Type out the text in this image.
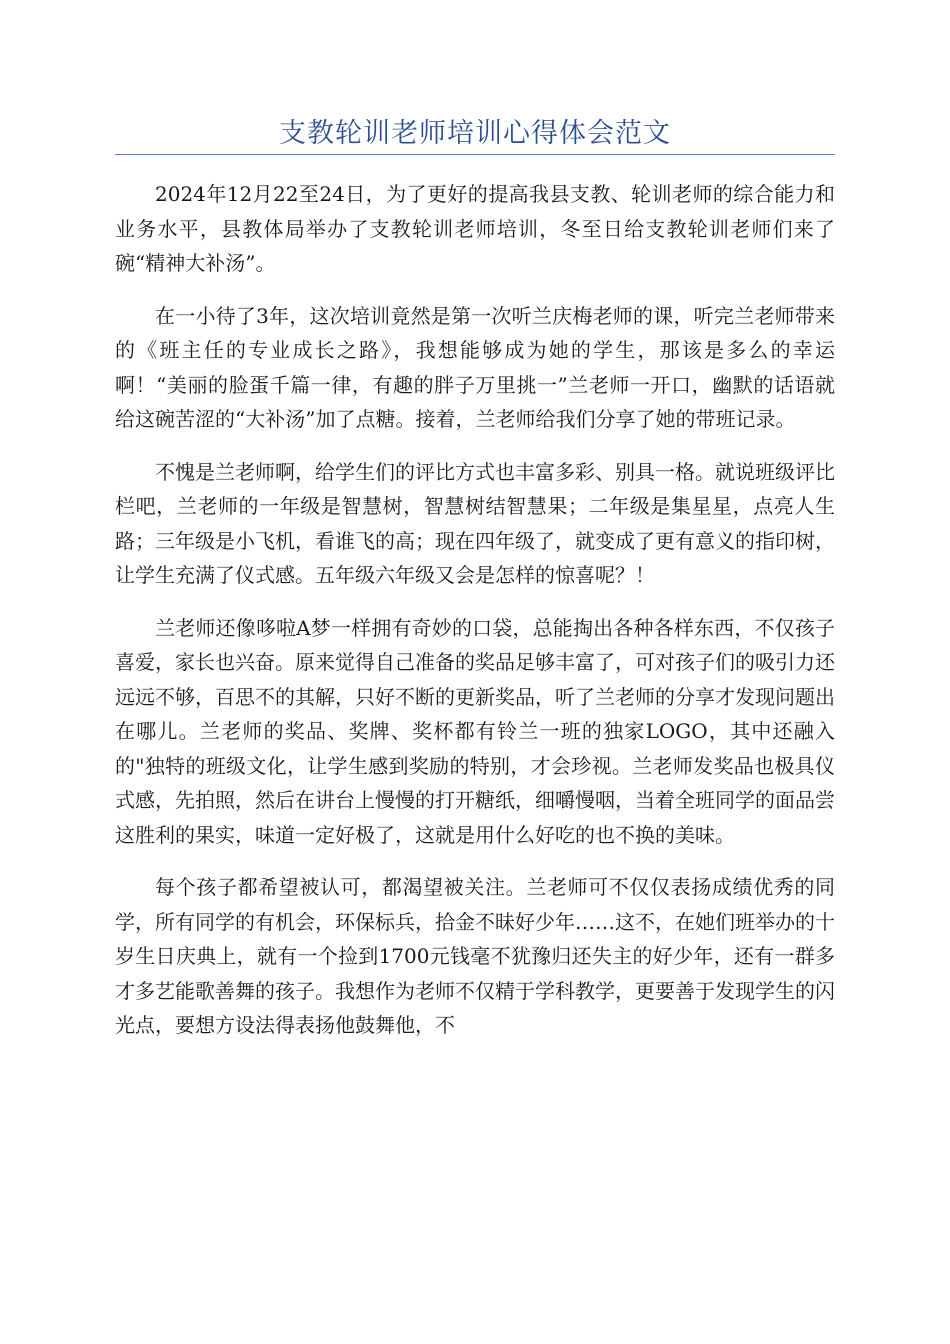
支教轮训老师培训心得体会范文

2024年12月22至24日，为了更好的提高我县支教、轮训老师的综合能力和业务水平，县教体局举办了支教轮训老师培训，冬至日给支教轮训老师们来了碗“精神大补汤”。

在一小待了3年，这次培训竟然是第一次听兰庆梅老师的课，听完兰老师带来的《班主任的专业成长之路》，我想能够成为她的学生，那该是多么的幸运啊！“美丽的脸蛋千篇一律，有趣的胖子万里挑一”兰老师一开口，幽默的话语就给这碗苦涩的“大补汤”加了点糖。接着，兰老师给我们分享了她的带班记录。

不愧是兰老师啊，给学生们的评比方式也丰富多彩、别具一格。就说班级评比栏吧，兰老师的一年级是智慧树，智慧树结智慧果；二年级是集星星，点亮人生路；三年级是小飞机，看谁飞的高；现在四年级了，就变成了更有意义的指印树，让学生充满了仪式感。五年级六年级又会是怎样的惊喜呢？！

兰老师还像哆啦A梦一样拥有奇妙的口袋，总能掏出各种各样东西，不仅孩子喜爱，家长也兴奋。原来觉得自己准备的奖品足够丰富了，可对孩子们的吸引力还远远不够，百思不的其解，只好不断的更新奖品，听了兰老师的分享才发现问题出在哪儿。兰老师的奖品、奖牌、奖杯都有铃兰一班的独家LOGO，其中还融入的"独特的班级文化，让学生感到奖励的特别，才会珍视。兰老师发奖品也极具仪式感，先拍照，然后在讲台上慢慢的打开糖纸，细嚼慢咽，当着全班同学的面品尝这胜利的果实，味道一定好极了，这就是用什么好吃的也不换的美味。

每个孩子都希望被认可，都渴望被关注。兰老师可不仅仅表扬成绩优秀的同学，所有同学的有机会，环保标兵，拾金不昧好少年……这不，在她们班举办的十岁生日庆典上，就有一个捡到1700元钱毫不犹豫归还失主的好少年，还有一群多才多艺能歌善舞的孩子。我想作为老师不仅精于学科教学，更要善于发现学生的闪光点，要想方设法得表扬他鼓舞他，不
